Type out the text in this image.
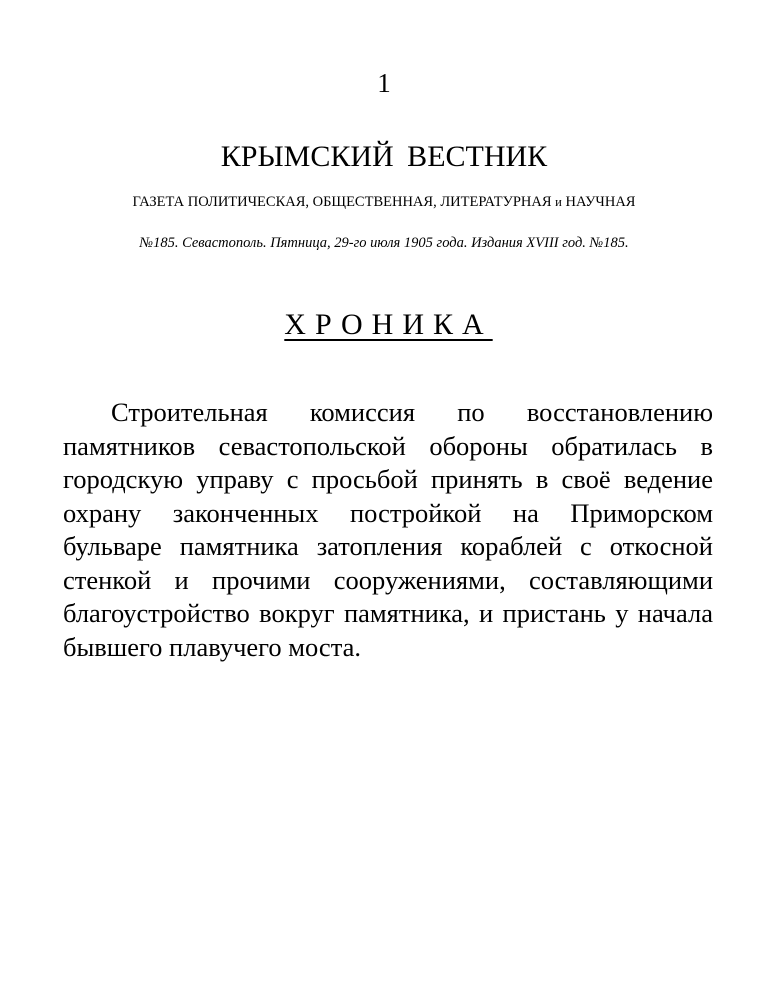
1
КРЫМСКИЙ ВЕСТНИК
ГАЗЕТА ПОЛИТИЧЕСКАЯ, ОБЩЕСТВЕННАЯ, ЛИТЕРАТУРНАЯ и НАУЧНАЯ
№185. Севастополь. Пятница, 29-го июля 1905 года. Издания XVIII год. №185.
ХРОНИКА

Строительная комиссия по восстановлению памятников севастопольской обороны обратилась в городскую управу с просьбой принять в своё ведение охрану законченных постройкой на Приморском бульваре памятника затопления кораблей с откосной стенкой и прочими сооружениями, составляющими благоустройство вокруг памятника, и пристань у начала бывшего плавучего моста.
